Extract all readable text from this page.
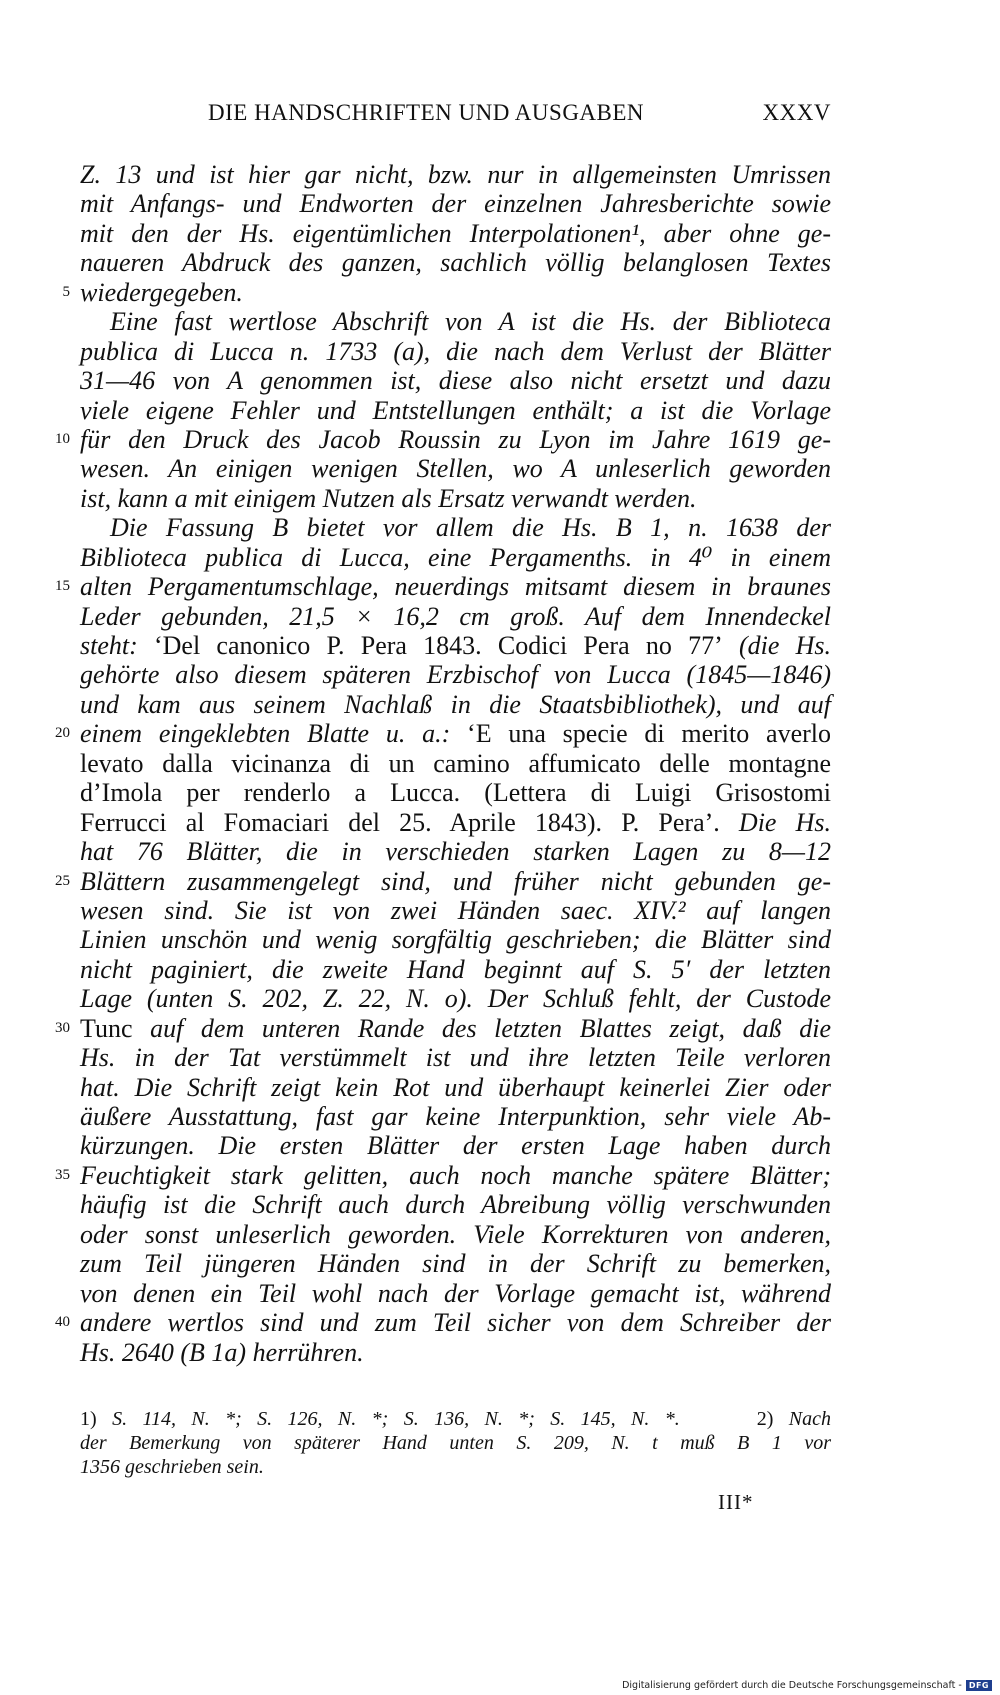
DIE HANDSCHRIFTEN UND AUSGABEN	XXXV
Z. 13 und ist hier gar nicht, bzw. nur in allgemeinsten Umrissen
mit Anfangs- und Endworten der einzelnen Jahresberichte sowie
mit den der Hs. eigentümlichen Interpolationen¹, aber ohne ge-
naueren Abdruck des ganzen, sachlich völlig belanglosen Textes
5 wiedergegeben.
Eine fast wertlose Abschrift von A ist die Hs. der Biblioteca
publica di Lucca n. 1733 (a), die nach dem Verlust der Blätter
31—46 von A genommen ist, diese also nicht ersetzt und dazu
viele eigene Fehler und Entstellungen enthält; a ist die Vorlage
10 für den Druck des Jacob Roussin zu Lyon im Jahre 1619 ge-
wesen. An einigen wenigen Stellen, wo A unleserlich geworden
ist, kann a mit einigem Nutzen als Ersatz verwandt werden.
Die Fassung B bietet vor allem die Hs. B 1, n. 1638 der
Biblioteca publica di Lucca, eine Pergamenths. in 4⁰ in einem
15 alten Pergamentumschlage, neuerdings mitsamt diesem in braunes
Leder gebunden, 21,5 × 16,2 cm groß. Auf dem Innendeckel
steht: ‘Del canonico P. Pera 1843. Codici Pera no 77’ (die Hs.
gehörte also diesem späteren Erzbischof von Lucca (1845—1846)
und kam aus seinem Nachlaß in die Staatsbibliothek), und auf
20 einem eingeklebten Blatte u. a.: ‘E una specie di merito averlo
levato dalla vicinanza di un camino affumicato delle montagne
d’Imola per renderlo a Lucca. (Lettera di Luigi Grisostomi
Ferrucci al Fomaciari del 25. Aprile 1843). P. Pera’. Die Hs.
hat 76 Blätter, die in verschieden starken Lagen zu 8—12
25 Blättern zusammengelegt sind, und früher nicht gebunden ge-
wesen sind. Sie ist von zwei Händen saec. XIV.² auf langen
Linien unschön und wenig sorgfältig geschrieben; die Blätter sind
nicht paginiert, die zweite Hand beginnt auf S. 5′ der letzten
Lage (unten S. 202, Z. 22, N. o). Der Schluß fehlt, der Custode
30 Tunc auf dem unteren Rande des letzten Blattes zeigt, daß die
Hs. in der Tat verstümmelt ist und ihre letzten Teile verloren
hat. Die Schrift zeigt kein Rot und überhaupt keinerlei Zier oder
äußere Ausstattung, fast gar keine Interpunktion, sehr viele Ab-
kürzungen. Die ersten Blätter der ersten Lage haben durch
35 Feuchtigkeit stark gelitten, auch noch manche spätere Blätter;
häufig ist die Schrift auch durch Abreibung völlig verschwunden
oder sonst unleserlich geworden. Viele Korrekturen von anderen,
zum Teil jüngeren Händen sind in der Schrift zu bemerken,
von denen ein Teil wohl nach der Vorlage gemacht ist, während
40 andere wertlos sind und zum Teil sicher von dem Schreiber der
Hs. 2640 (B 1a) herrühren.
1) S. 114, N. *; S. 126, N. *; S. 136, N. *; S. 145, N. *.     2) Nach
der Bemerkung von späterer Hand unten S. 209, N. t muß B 1 vor
1356 geschrieben sein.
III*
Digitalisierung gefördert durch die Deutsche Forschungsgemeinschaft - DFG
